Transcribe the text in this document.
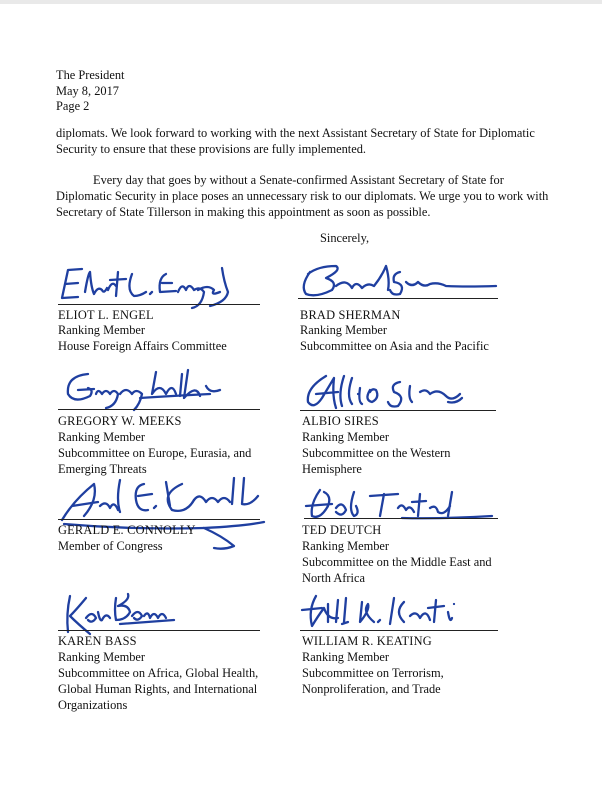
The President

May 8, 2017

Page 2

diplomats. We look forward to working with the next Assistant Secretary of State for Diplomatic

Security to ensure that these provisions are fully implemented.

Every day that goes by without a Senate-confirmed Assistant Secretary of State for

Diplomatic Security in place poses an unnecessary risk to our diplomats. We urge you to work with

Secretary of State Tillerson in making this appointment as soon as possible.

Sincerely,

ELIOT L. ENGEL

Ranking Member

House Foreign Affairs Committee

BRAD SHERMAN

Ranking Member

Subcommittee on Asia and the Pacific

GREGORY W. MEEKS

Ranking Member

Subcommittee on Europe, Eurasia, and

Emerging Threats

ALBIO SIRES

Ranking Member

Subcommittee on the Western

Hemisphere

GERALD E. CONNOLLY

Member of Congress

TED DEUTCH

Ranking Member

Subcommittee on the Middle East and

North Africa

KAREN BASS

Ranking Member

Subcommittee on Africa, Global Health,

Global Human Rights, and International

Organizations

WILLIAM R. KEATING

Ranking Member

Subcommittee on Terrorism,

Nonproliferation, and Trade
